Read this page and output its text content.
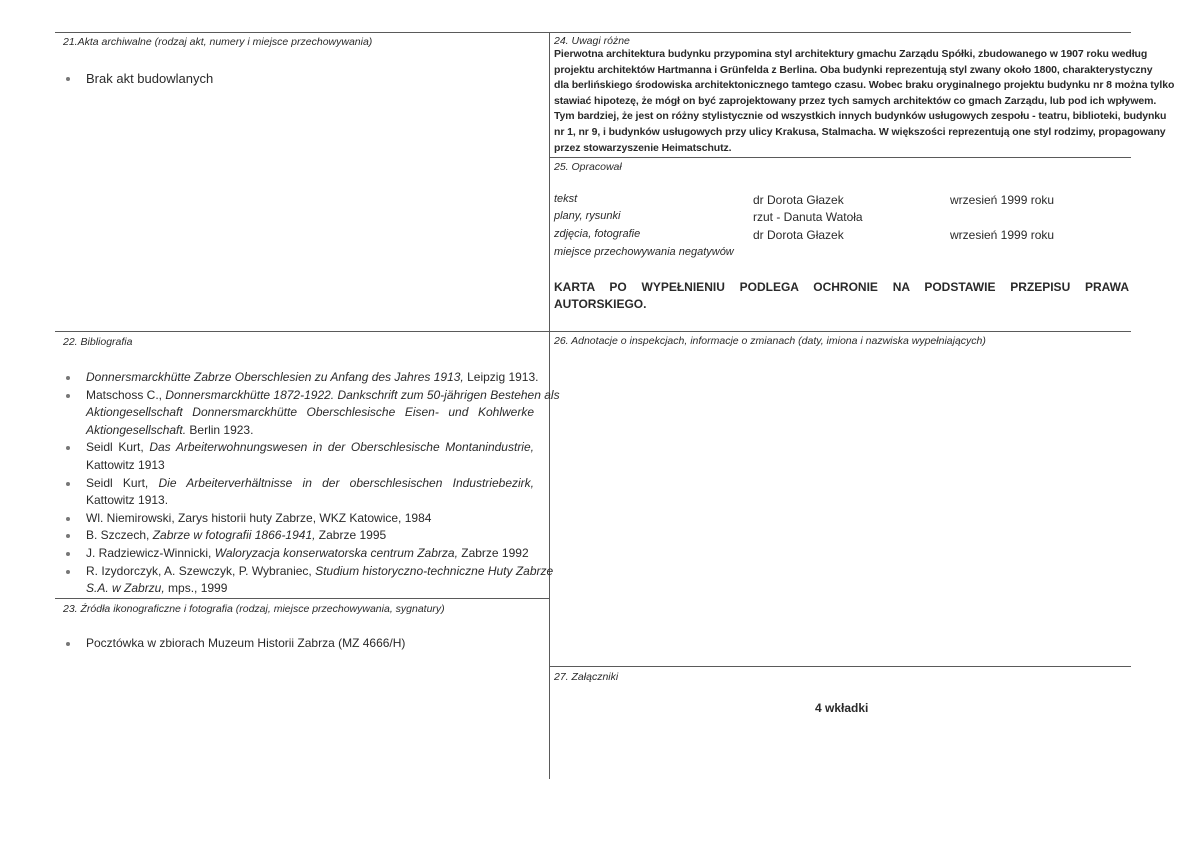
21.Akta archiwalne (rodzaj akt, numery i miejsce przechowywania)
Brak akt budowlanych
22. Bibliografia
Donnersmarckhütte Zabrze Oberschlesien zu Anfang des Jahres 1913, Leipzig 1913.
Matschoss C., Donnersmarckhütte 1872-1922. Dankschrift zum 50-jährigen Bestehen als
Aktiongesellschaft Donnersmarckhütte Oberschlesische Eisen- und Kohlwerke
Aktiongesellschaft. Berlin 1923.
Seidl Kurt, Das Arbeiterwohnungswesen in der Oberschlesische Montanindustrie,
Kattowitz 1913
Seidl Kurt, Die Arbeiterverhältnisse in der oberschlesischen Industriebezirk,
Kattowitz 1913.
Wl. Niemirowski, Zarys historii huty Zabrze, WKZ Katowice, 1984
B. Szczech, Zabrze w fotografii 1866-1941, Zabrze 1995
J. Radziewicz-Winnicki, Waloryzacja konserwatorska centrum Zabrza, Zabrze 1992
R. Izydorczyk, A. Szewczyk, P. Wybraniec, Studium historyczno-techniczne Huty Zabrze
S.A. w Zabrzu, mps., 1999
23. Źródła ikonograficzne i fotografia (rodzaj, miejsce przechowywania, sygnatury)
Pocztówka w zbiorach Muzeum Historii Zabrza (MZ 4666/H)
24. Uwagi różne
Pierwotna architektura budynku przypomina styl architektury gmachu Zarządu Spółki, zbudowanego w 1907 roku według
projektu architektów Hartmanna i Grünfelda z Berlina. Oba budynki reprezentują styl zwany około 1800, charakterystyczny
dla berlińskiego środowiska architektonicznego tamtego czasu. Wobec braku oryginalnego projektu budynku nr 8 można tylko
stawiać hipotezę, że mógł on być zaprojektowany przez tych samych architektów co gmach Zarządu, lub pod ich wpływem.
Tym bardziej, że jest on różny stylistycznie od wszystkich innych budynków usługowych zespołu - teatru, biblioteki, budynku
nr 1, nr 9, i budynków usługowych przy ulicy Krakusa, Stalmacha. W większości reprezentują one styl rodzimy, propagowany
przez stowarzyszenie Heimatschutz.
25. Opracował
tekst	dr Dorota Głazek	wrzesień 1999 roku
plany, rysunki	rzut - Danuta Watoła
zdjęcia, fotografie	dr Dorota Głazek	wrzesień 1999 roku
miejsce przechowywania negatywów
KARTA PO WYPEŁNIENIU PODLEGA OCHRONIE NA PODSTAWIE PRZEPISU PRAWA
AUTORSKIEGO.
26. Adnotacje o inspekcjach, informacje o zmianach (daty, imiona i nazwiska wypełniających)
27. Załączniki
4 wkładki
